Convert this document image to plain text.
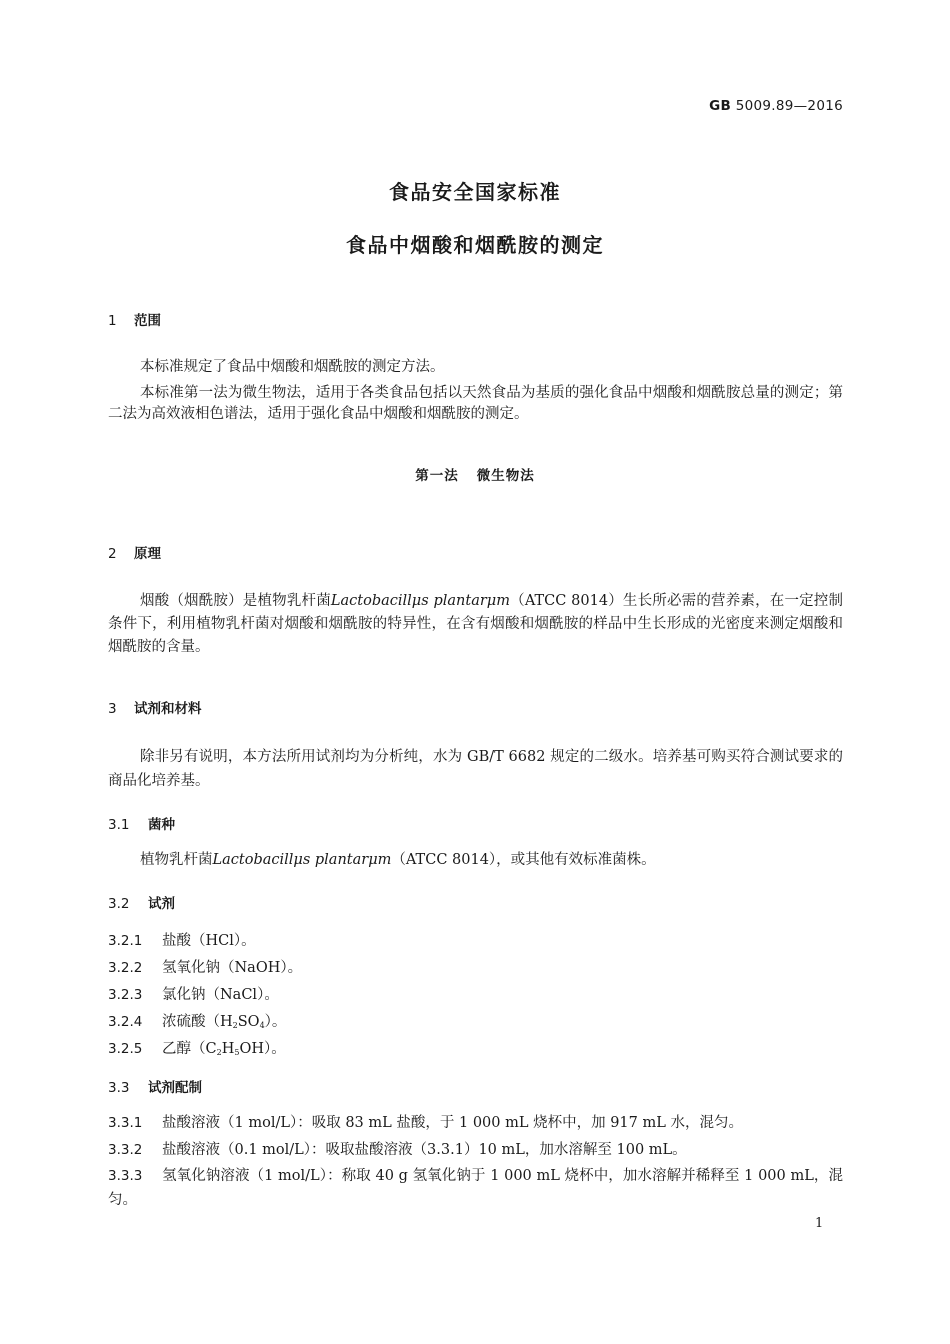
GB 5009.89—2016
食品安全国家标准
食品中烟酸和烟酰胺的测定
1 范围
本标准规定了食品中烟酸和烟酰胺的测定方法。
本标准第一法为微生物法，适用于各类食品包括以天然食品为基质的强化食品中烟酸和烟酰胺总量的测定；第二法为高效液相色谱法，适用于强化食品中烟酸和烟酰胺的测定。
第一法 微生物法
2 原理
烟酸（烟酰胺）是植物乳杆菌Lactobacillμs plantarμm（ATCC 8014）生长所必需的营养素，在一定控制条件下，利用植物乳杆菌对烟酸和烟酰胺的特异性，在含有烟酸和烟酰胺的样品中生长形成的光密度来测定烟酸和烟酰胺的含量。
3 试剂和材料
除非另有说明，本方法所用试剂均为分析纯，水为 GB/T 6682 规定的二级水。培养基可购买符合测试要求的商品化培养基。
3.1 菌种
植物乳杆菌Lactobacillμs plantarμm（ATCC 8014），或其他有效标准菌株。
3.2 试剂
3.2.1 盐酸（HCl）。
3.2.2 氢氧化钠（NaOH）。
3.2.3 氯化钠（NaCl）。
3.2.4 浓硫酸$(H_2SO_4)$。
3.2.5 乙醇$(C_2H_5OH)$。
3.3 试剂配制
3.3.1 盐酸溶液（1 mol/L）：吸取 83 mL 盐酸，于 1 000 mL 烧杯中，加 917 mL 水，混匀。
3.3.2 盐酸溶液（0.1 mol/L）：吸取盐酸溶液（3.3.1）10 mL，加水溶解至 100 mL。
3.3.3 氢氧化钠溶液（1 mol/L）：称取 40 g 氢氧化钠于 1 000 mL 烧杯中，加水溶解并稀释至 1 000 mL，混匀。
1
